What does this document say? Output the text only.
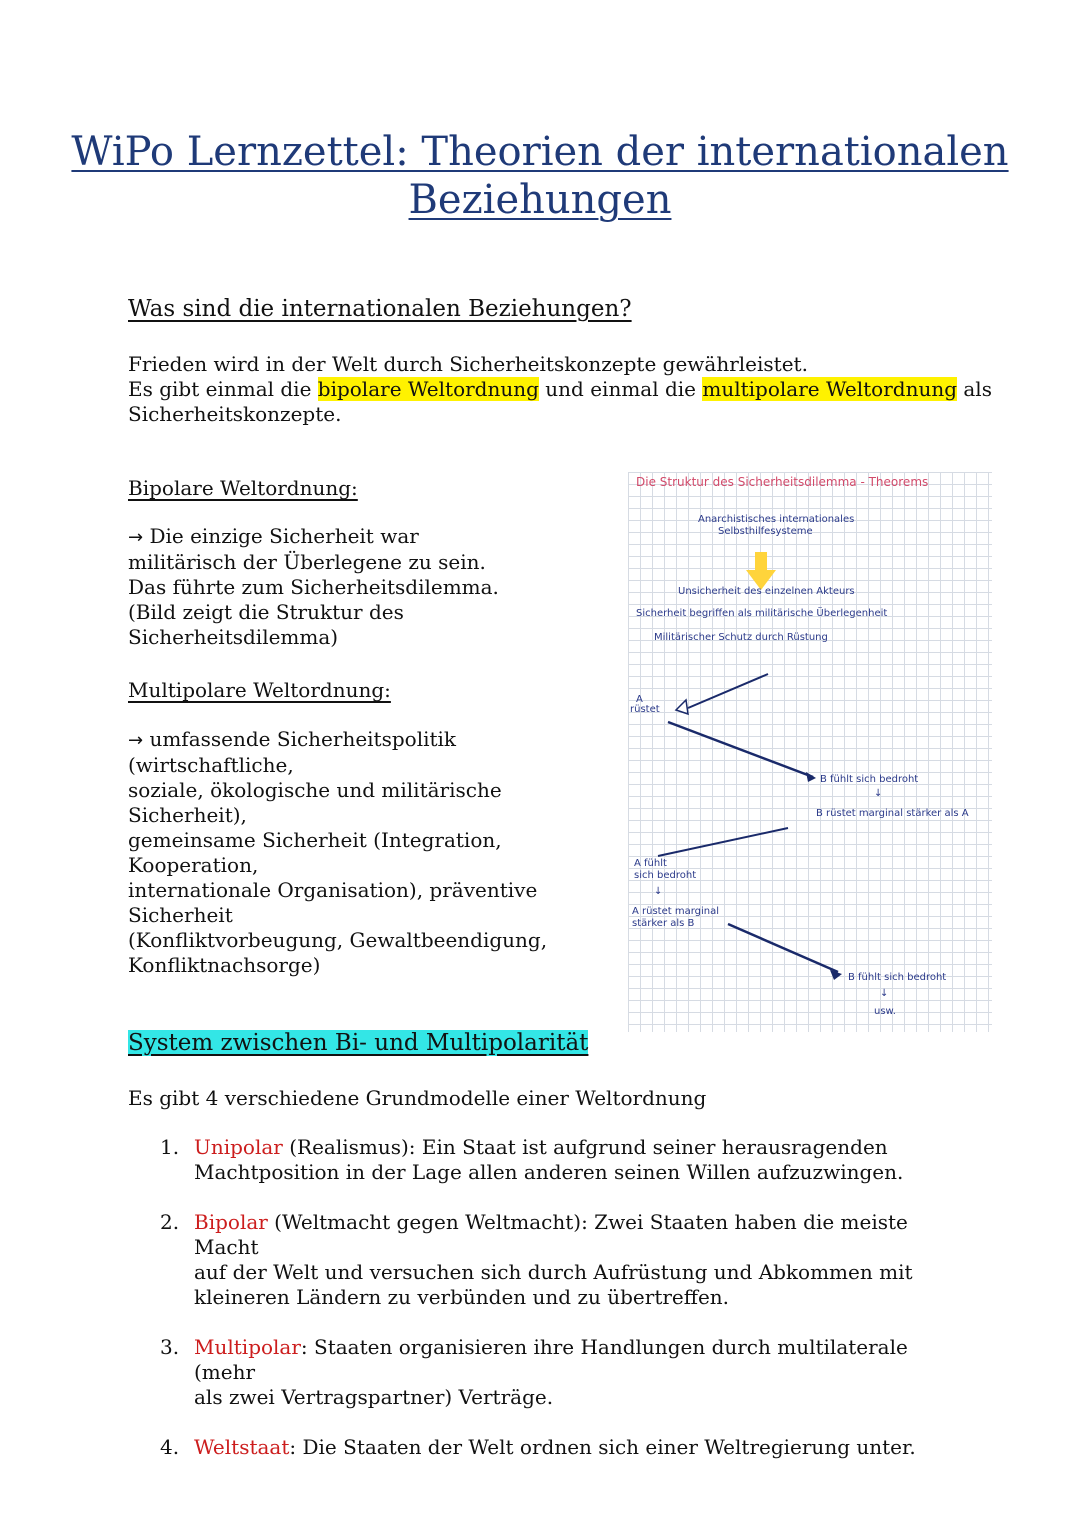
WiPo Lernzettel: Theorien der internationalen
Beziehungen
Was sind die internationalen Beziehungen?
Frieden wird in der Welt durch Sicherheitskonzepte gewährleistet.
Es gibt einmal die bipolare Weltordnung und einmal die multipolare Weltordnung als
Sicherheitskonzepte.
Bipolare Weltordnung:
→ Die einzige Sicherheit war
militärisch der Überlegene zu sein.
Das führte zum Sicherheitsdilemma.
(Bild zeigt die Struktur des Sicherheitsdilemma)
Multipolare Weltordnung:
→ umfassende Sicherheitspolitik (wirtschaftliche,
soziale, ökologische und militärische Sicherheit),
gemeinsame Sicherheit (Integration, Kooperation,
internationale Organisation), präventive Sicherheit
(Konfliktvorbeugung, Gewaltbeendigung,
Konfliktnachsorge)
Die Struktur des Sicherheitsdilemma - Theorems
Anarchistisches internationales
Selbsthilfesysteme
Unsicherheit des einzelnen Akteurs
Sicherheit begriffen als militärische Überlegenheit
Militärischer Schutz durch Rüstung
A
rüstet
B fühlt sich bedroht
↓
B rüstet marginal stärker als A
A fühlt
sich bedroht
↓
A rüstet marginal
stärker als B
B fühlt sich bedroht
↓
usw.
System zwischen Bi- und Multipolarität
Es gibt 4 verschiedene Grundmodelle einer Weltordnung
1. Unipolar (Realismus): Ein Staat ist aufgrund seiner herausragenden
Machtposition in der Lage allen anderen seinen Willen aufzuzwingen.
2. Bipolar (Weltmacht gegen Weltmacht): Zwei Staaten haben die meiste Macht
auf der Welt und versuchen sich durch Aufrüstung und Abkommen mit
kleineren Ländern zu verbünden und zu übertreffen.
3. Multipolar: Staaten organisieren ihre Handlungen durch multilaterale (mehr
als zwei Vertragspartner) Verträge.
4. Weltstaat: Die Staaten der Welt ordnen sich einer Weltregierung unter.
